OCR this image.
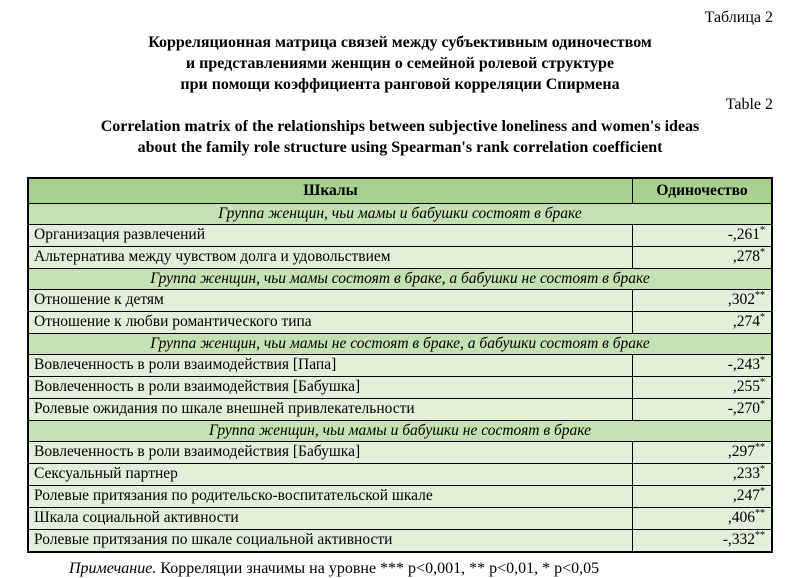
Таблица 2
Корреляционная матрица связей между субъективным одиночеством
и представлениями женщин о семейной ролевой структуре
при помощи коэффициента ранговой корреляции Спирмена
Table 2
Correlation matrix of the relationships between subjective loneliness and women's ideas
about the family role structure using Spearman's rank correlation coefficient
Шкалы	Одиночество
Группа женщин, чьи мамы и бабушки состоят в браке	
Организация развлечений	-,261*
Альтернатива между чувством долга и удовольствием	,278*
Группа женщин, чьи мамы состоят в браке, а бабушки не состоят в браке	
Отношение к детям	,302**
Отношение к любви романтического типа	,274*
Группа женщин, чьи мамы не состоят в браке, а бабушки состоят в браке	
Вовлеченность в роли взаимодействия [Папа]	-,243*
Вовлеченность в роли взаимодействия [Бабушка]	,255*
Ролевые ожидания по шкале внешней привлекательности	-,270*
Группа женщин, чьи мамы и бабушки не состоят в браке	
Вовлеченность в роли взаимодействия [Бабушка]	,297**
Сексуальный партнер	,233*
Ролевые притязания по родительско-воспитательской шкале	,247*
Шкала социальной активности	,406**
Ролевые притязания по шкале социальной активности	-,332**
Примечание. Корреляции значимы на уровне *** p<0,001, ** p<0,01, * p<0,05
